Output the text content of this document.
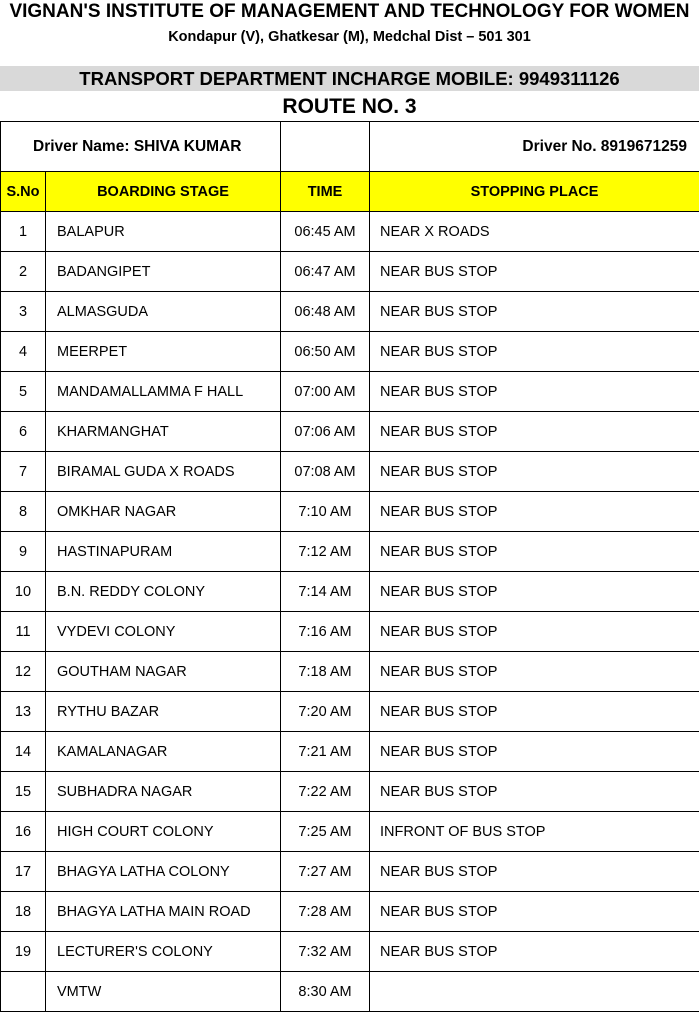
VIGNAN'S INSTITUTE OF MANAGEMENT AND TECHNOLOGY FOR WOMEN
Kondapur (V), Ghatkesar (M), Medchal Dist – 501 301
TRANSPORT DEPARTMENT INCHARGE MOBILE: 9949311126
ROUTE NO. 3
Driver Name: SHIVA KUMAR			Driver No. 8919671259
S.No	BOARDING STAGE	TIME	STOPPING PLACE
1	BALAPUR	06:45 AM	NEAR X ROADS
2	BADANGIPET	06:47 AM	NEAR BUS STOP
3	ALMASGUDA	06:48 AM	NEAR BUS STOP
4	MEERPET	06:50 AM	NEAR BUS STOP
5	MANDAMALLAMMA F HALL	07:00 AM	NEAR BUS STOP
6	KHARMANGHAT	07:06 AM	NEAR BUS STOP
7	BIRAMAL GUDA X ROADS	07:08 AM	NEAR BUS STOP
8	OMKHAR NAGAR	7:10 AM	NEAR BUS STOP
9	HASTINAPURAM	7:12 AM	NEAR BUS STOP
10	B.N. REDDY COLONY	7:14 AM	NEAR BUS STOP
11	VYDEVI COLONY	7:16 AM	NEAR BUS STOP
12	GOUTHAM NAGAR	7:18 AM	NEAR BUS STOP
13	RYTHU BAZAR	7:20 AM	NEAR BUS STOP
14	KAMALANAGAR	7:21 AM	NEAR BUS STOP
15	SUBHADRA NAGAR	7:22 AM	NEAR BUS STOP
16	HIGH COURT COLONY	7:25 AM	INFRONT OF BUS STOP
17	BHAGYA LATHA COLONY	7:27 AM	NEAR BUS STOP
18	BHAGYA LATHA MAIN ROAD	7:28 AM	NEAR BUS STOP
19	LECTURER'S COLONY	7:32 AM	NEAR BUS STOP
	VMTW	8:30 AM	
